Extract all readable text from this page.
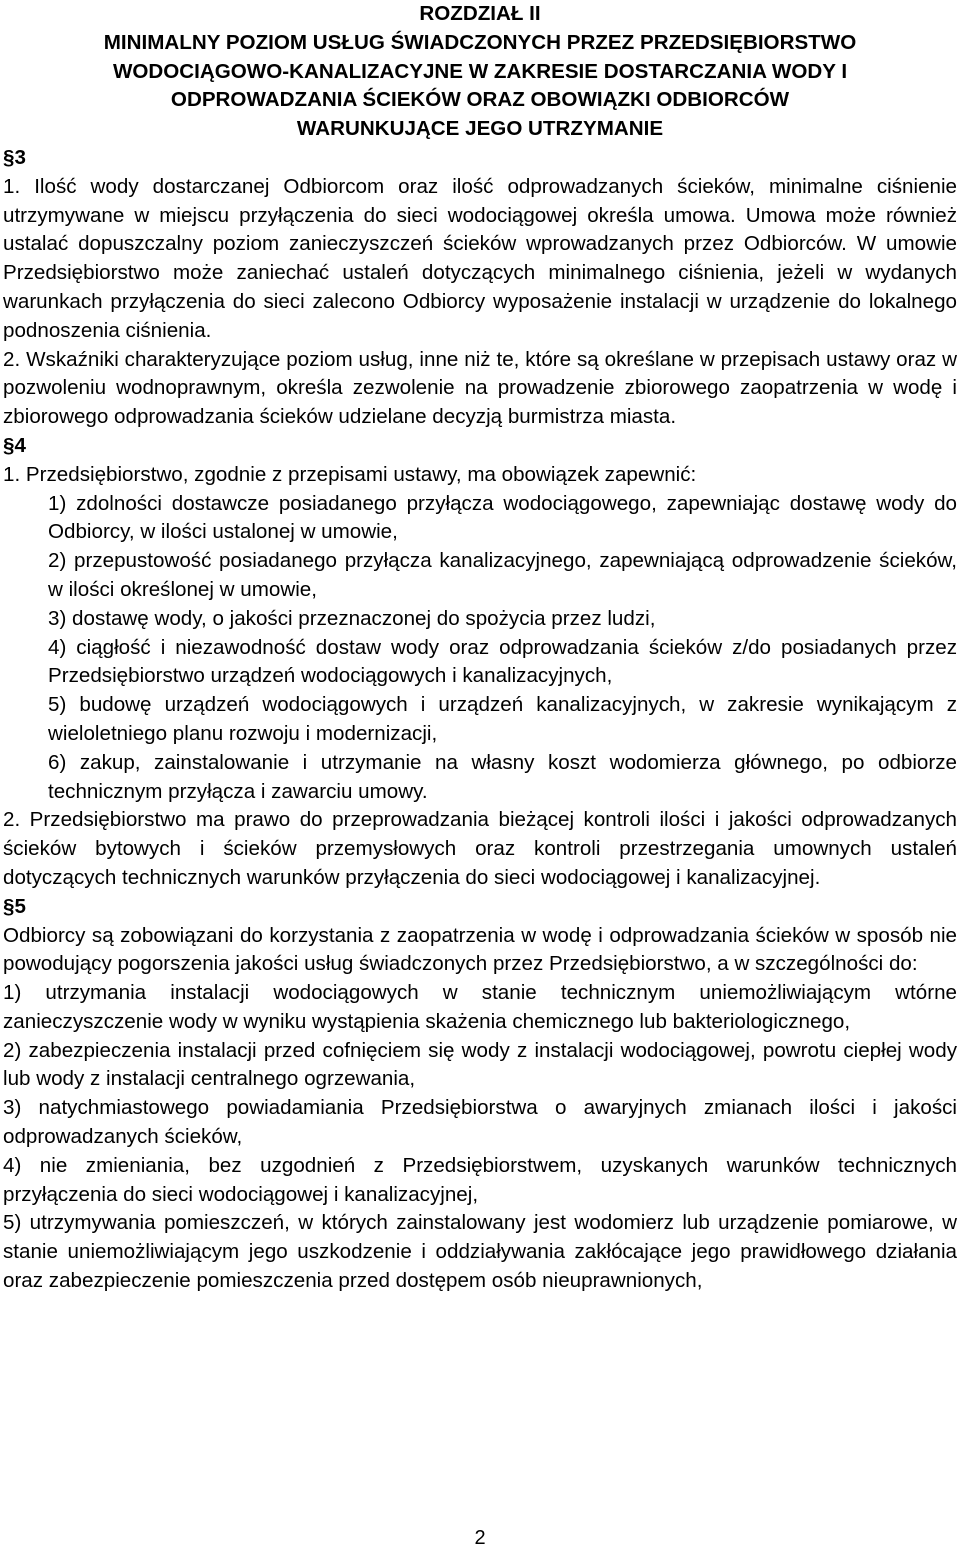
ROZDZIAŁ II
MINIMALNY POZIOM USŁUG ŚWIADCZONYCH PRZEZ PRZEDSIĘBIORSTWO
WODOCIĄGOWO-KANALIZACYJNE W ZAKRESIE DOSTARCZANIA WODY I
ODPROWADZANIA ŚCIEKÓW ORAZ OBOWIĄZKI ODBIORCÓW
WARUNKUJĄCE JEGO UTRZYMANIE
§3
1. Ilość wody dostarczanej Odbiorcom oraz ilość odprowadzanych ścieków, minimalne ciśnienie utrzymywane w miejscu przyłączenia do sieci wodociągowej określa umowa. Umowa może również ustalać dopuszczalny poziom zanieczyszczeń ścieków wprowadzanych przez Odbiorców. W umowie Przedsiębiorstwo może zaniechać ustaleń dotyczących minimalnego ciśnienia, jeżeli w wydanych warunkach przyłączenia do sieci zalecono Odbiorcy wyposażenie instalacji w urządzenie do lokalnego podnoszenia ciśnienia.
2. Wskaźniki charakteryzujące poziom usług, inne niż te, które są określane w przepisach ustawy oraz w pozwoleniu wodnoprawnym, określa zezwolenie na prowadzenie zbiorowego zaopatrzenia w wodę i zbiorowego odprowadzania ścieków udzielane decyzją burmistrza miasta.
§4
1. Przedsiębiorstwo, zgodnie z przepisami ustawy, ma obowiązek zapewnić:
1) zdolności dostawcze posiadanego przyłącza wodociągowego, zapewniając dostawę wody do Odbiorcy, w ilości ustalonej w umowie,
2) przepustowość posiadanego przyłącza kanalizacyjnego, zapewniającą odprowadzenie ścieków, w ilości określonej w umowie,
3) dostawę wody, o jakości przeznaczonej do spożycia przez ludzi,
4) ciągłość i niezawodność dostaw wody oraz odprowadzania ścieków z/do posiadanych przez Przedsiębiorstwo urządzeń wodociągowych i kanalizacyjnych,
5) budowę urządzeń wodociągowych i urządzeń kanalizacyjnych, w zakresie wynikającym z wieloletniego planu rozwoju i modernizacji,
6) zakup, zainstalowanie i utrzymanie na własny koszt wodomierza głównego, po odbiorze technicznym przyłącza i zawarciu umowy.
2. Przedsiębiorstwo ma prawo do przeprowadzania bieżącej kontroli ilości i jakości odprowadzanych ścieków bytowych i ścieków przemysłowych oraz kontroli przestrzegania umownych ustaleń dotyczących technicznych warunków przyłączenia do sieci wodociągowej i kanalizacyjnej.
§5
Odbiorcy są zobowiązani do korzystania z zaopatrzenia w wodę i odprowadzania ścieków w sposób nie powodujący pogorszenia jakości usług świadczonych przez Przedsiębiorstwo, a w szczególności do:
1) utrzymania instalacji wodociągowych w stanie technicznym uniemożliwiającym wtórne zanieczyszczenie wody w wyniku wystąpienia skażenia chemicznego lub bakteriologicznego,
2) zabezpieczenia instalacji przed cofnięciem się wody z instalacji wodociągowej, powrotu ciepłej wody lub wody z instalacji centralnego ogrzewania,
3) natychmiastowego powiadamiania Przedsiębiorstwa o awaryjnych zmianach ilości i jakości odprowadzanych ścieków,
4) nie zmieniania, bez uzgodnień z Przedsiębiorstwem, uzyskanych warunków technicznych przyłączenia do sieci wodociągowej i kanalizacyjnej,
5) utrzymywania pomieszczeń, w których zainstalowany jest wodomierz lub urządzenie pomiarowe, w stanie uniemożliwiającym jego uszkodzenie i oddziaływania zakłócające jego prawidłowego działania oraz zabezpieczenie pomieszczenia przed dostępem osób nieuprawnionych,
2
